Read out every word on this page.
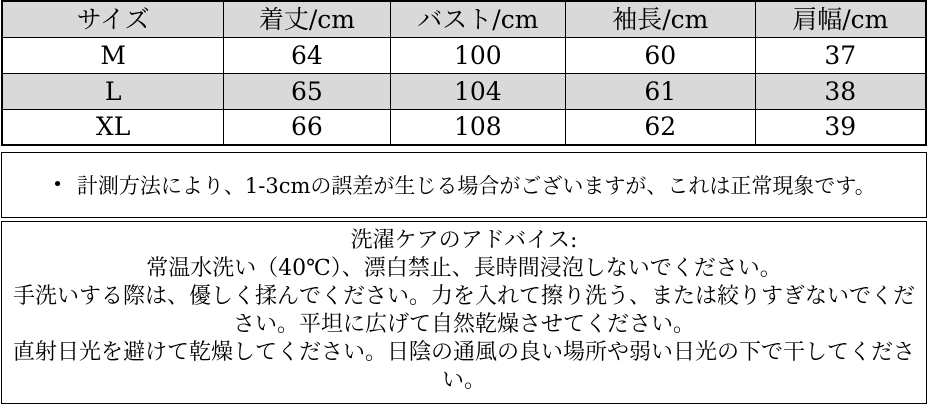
サイズ	着丈/cm	バスト/cm	袖長/cm	肩幅/cm
M	64	100	60	37
L	65	104	61	38
XL	66	108	62	39
• 計測方法により、1-3cmの誤差が生じる場合がございますが、これは正常現象です。
洗濯ケアのアドバイス:
常温水洗い（40℃）、漂白禁止、長時間浸泡しないでください。
手洗いする際は、優しく揉んでください。力を入れて擦り洗う、または絞りすぎないでください。平坦に広げて自然乾燥させてください。
直射日光を避けて乾燥してください。日陰の通風の良い場所や弱い日光の下で干してください。
